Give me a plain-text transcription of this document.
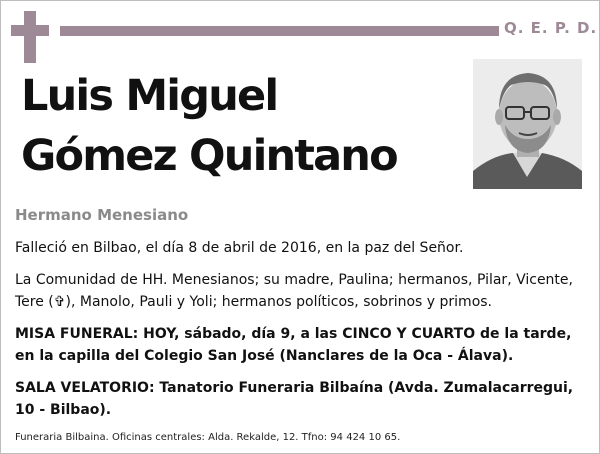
Q. E. P. D.
Luis Miguel
Gómez Quintano
Hermano Menesiano

Falleció en Bilbao, el día 8 de abril de 2016, en la paz del Señor.

La Comunidad de HH. Menesianos; su madre, Paulina; hermanos, Pilar, Vicente, Tere (✞), Manolo, Pauli y Yoli; hermanos políticos, sobrinos y primos.

MISA FUNERAL: HOY, sábado, día 9, a las CINCO Y CUARTO de la tarde, en la capilla del Colegio San José (Nanclares de la Oca - Álava).

SALA VELATORIO: Tanatorio Funeraria Bilbaína (Avda. Zumalacarregui, 10 - Bilbao).

Funeraria Bilbaina. Oficinas centrales: Alda. Rekalde, 12. Tfno: 94 424 10 65.
